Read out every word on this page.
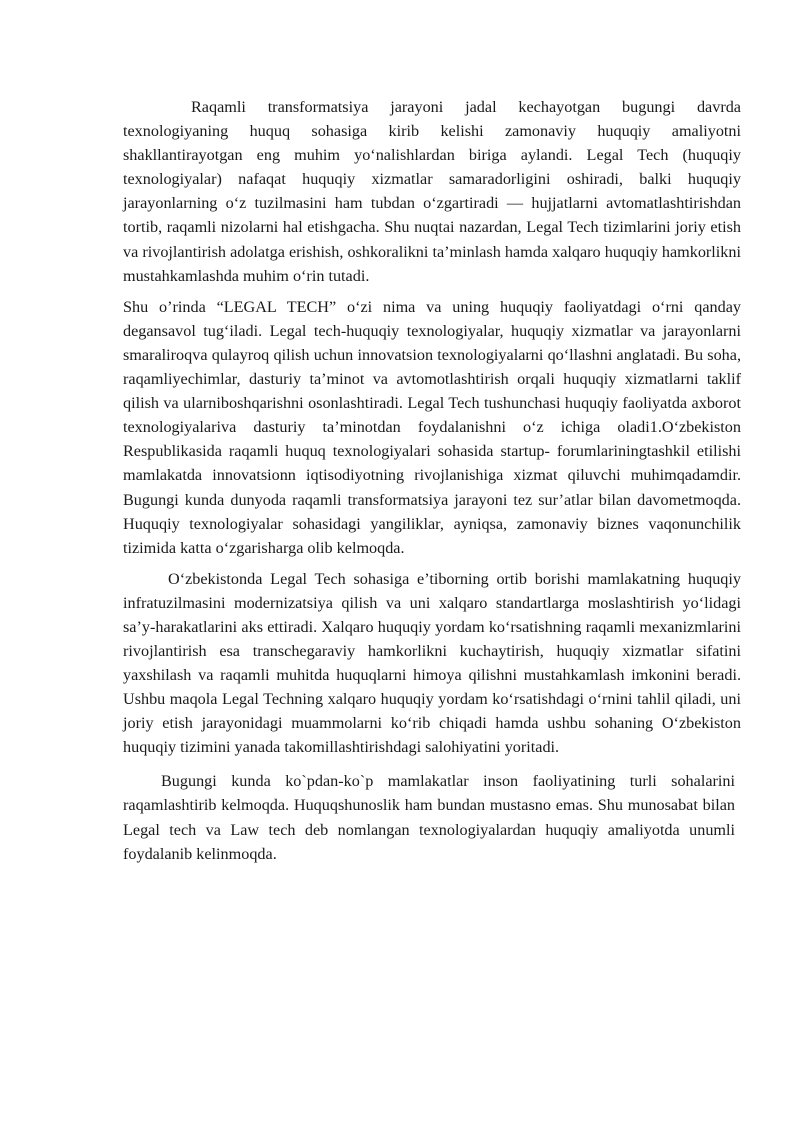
Raqamli transformatsiya jarayoni jadal kechayotgan bugungi davrda texnologiyaning huquq sohasiga kirib kelishi zamonaviy huquqiy amaliyotni shakllantirayotgan eng muhim yo‘nalishlardan biriga aylandi. Legal Tech (huquqiy texnologiyalar) nafaqat huquqiy xizmatlar samaradorligini oshiradi, balki huquqiy jarayonlarning o‘z tuzilmasini ham tubdan o‘zgartiradi — hujjatlarni avtomatlashtirishdan tortib, raqamli nizolarni hal etishgacha. Shu nuqtai nazardan, Legal Tech tizimlarini joriy etish va rivojlantirish adolatga erishish, oshkoralikni ta’minlash hamda xalqaro huquqiy hamkorlikni mustahkamlashda muhim o‘rin tutadi.

Shu o’rinda “LEGAL TECH” o‘zi nima va uning huquqiy faoliyatdagi o‘rni qanday degansavol tug‘iladi. Legal tech-huquqiy texnologiyalar, huquqiy xizmatlar va jarayonlarni smaraliroqva qulayroq qilish uchun innovatsion texnologiyalarni qo‘llashni anglatadi. Bu soha, raqamliyechimlar, dasturiy ta’minot va avtomotlashtirish orqali huquqiy xizmatlarni taklif qilish va ularniboshqarishni osonlashtiradi. Legal Tech tushunchasi huquqiy faoliyatda axborot texnologiyalariva dasturiy ta’minotdan foydalanishni o‘z ichiga oladi1.O‘zbekiston Respublikasida raqamli huquq texnologiyalari sohasida startup- forumlariningtashkil etilishi mamlakatda innovatsionn iqtisodiyotning rivojlanishiga xizmat qiluvchi muhimqadamdir. Bugungi kunda dunyoda raqamli transformatsiya jarayoni tez sur’atlar bilan davometmoqda. Huquqiy texnologiyalar sohasidagi yangiliklar, ayniqsa, zamonaviy biznes vaqonunchilik tizimida katta o‘zgarisharga olib kelmoqda.

O‘zbekistonda Legal Tech sohasiga e’tiborning ortib borishi mamlakatning huquqiy infratuzilmasini modernizatsiya qilish va uni xalqaro standartlarga moslashtirish yo‘lidagi sa’y-harakatlarini aks ettiradi. Xalqaro huquqiy yordam ko‘rsatishning raqamli mexanizmlarini rivojlantirish esa transchegaraviy hamkorlikni kuchaytirish, huquqiy xizmatlar sifatini yaxshilash va raqamli muhitda huquqlarni himoya qilishni mustahkamlash imkonini beradi. Ushbu maqola Legal Techning xalqaro huquqiy yordam ko‘rsatishdagi o‘rnini tahlil qiladi, uni joriy etish jarayonidagi muammolarni ko‘rib chiqadi hamda ushbu sohaning O‘zbekiston huquqiy tizimini yanada takomillashtirishdagi salohiyatini yoritadi.

Bugungi kunda ko`pdan-ko`p mamlakatlar inson faoliyatining turli sohalarini raqamlashtirib kelmoqda. Huquqshunoslik ham bundan mustasno emas. Shu munosabat bilan Legal tech va Law tech deb nomlangan texnologiyalardan huquqiy amaliyotda unumli foydalanib kelinmoqda.
